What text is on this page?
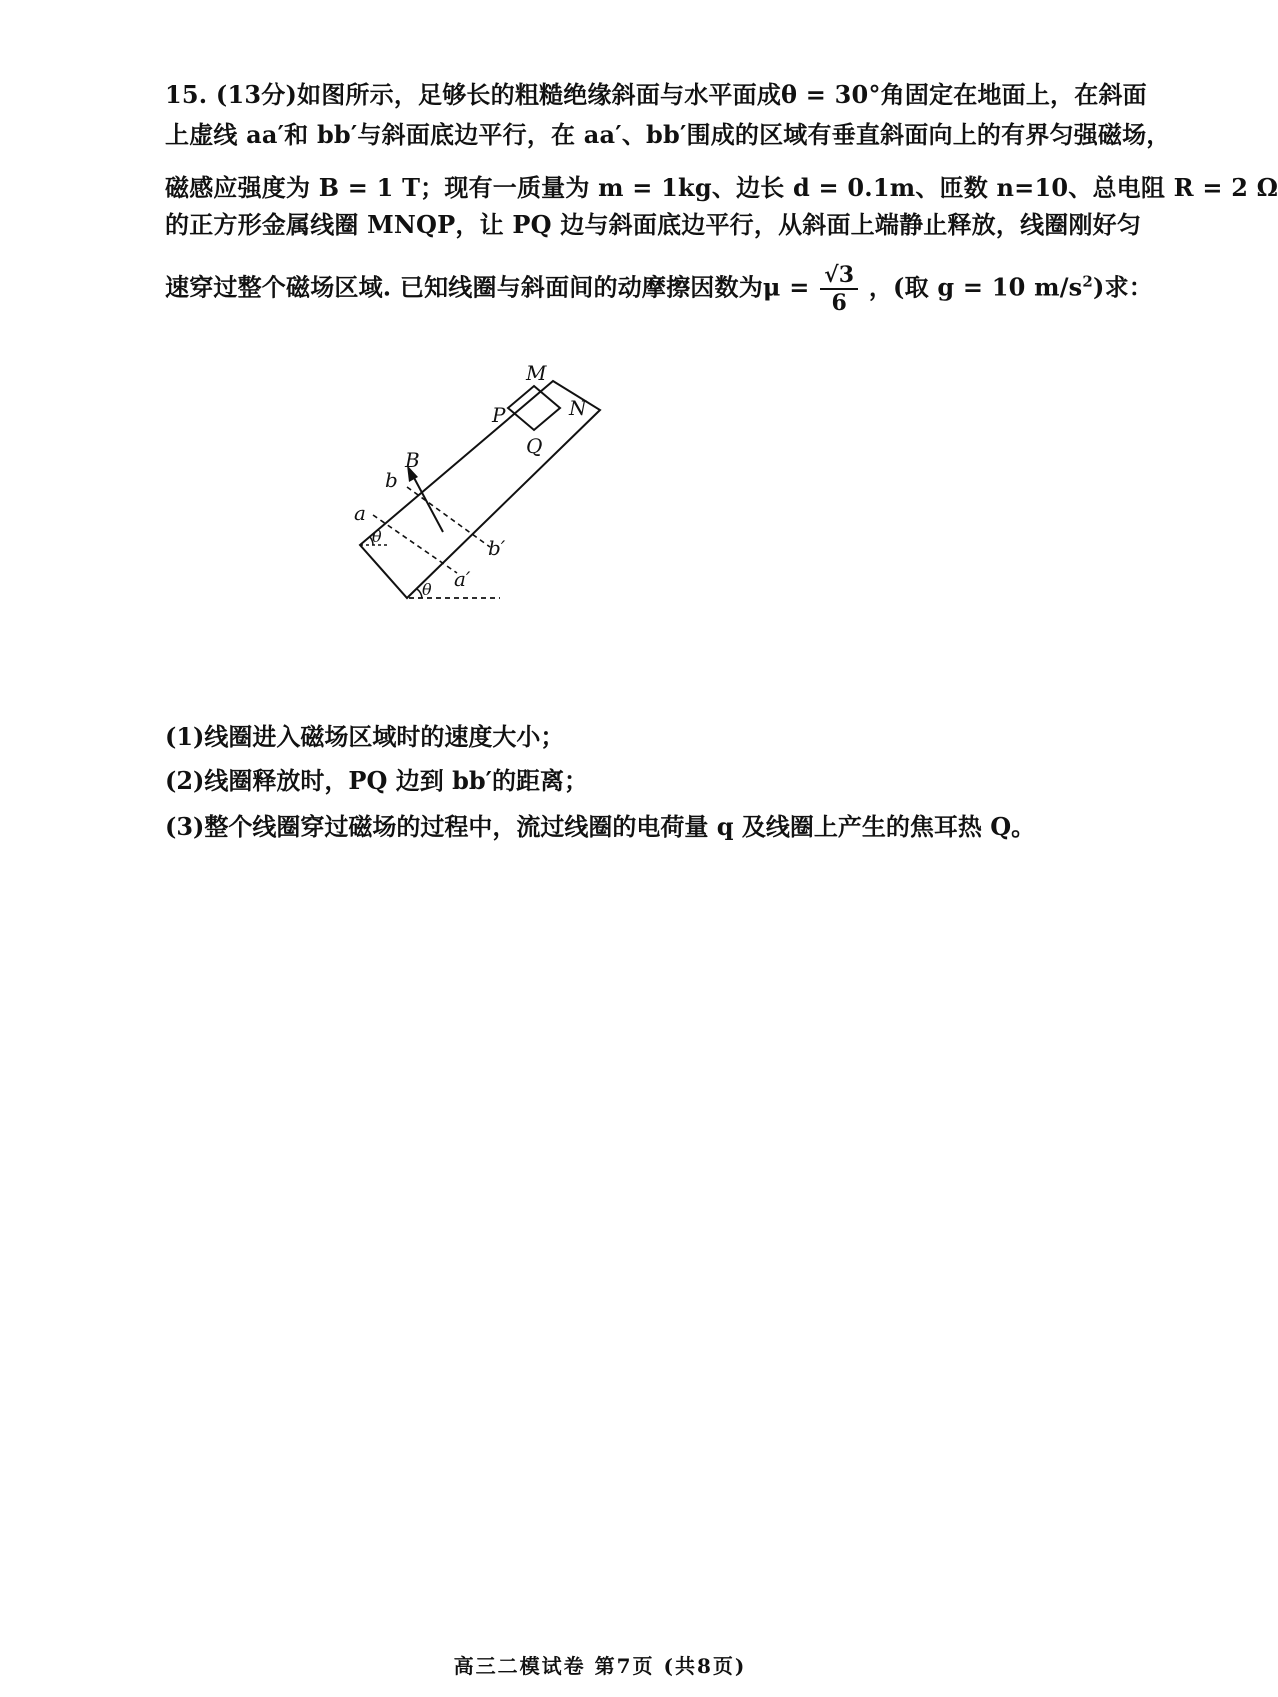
15. (13分)如图所示，足够长的粗糙绝缘斜面与水平面成θ = 30°角固定在地面上，在斜面
上虚线 aa′和 bb′与斜面底边平行，在 aa′、bb′围成的区域有垂直斜面向上的有界匀强磁场，
磁感应强度为 B = 1 T；现有一质量为 m = 1kg、边长 d = 0.1m、匝数 n=10、总电阻 R = 2 Ω
的正方形金属线圈 MNQP，让 PQ 边与斜面底边平行，从斜面上端静止释放，线圈刚好匀
速穿过整个磁场区域. 已知线圈与斜面间的动摩擦因数为$\mu = \frac{√3}{6}$ ，(取 g = 10 $m/s^2$)求：
M
N
P
Q
B
b
b′
a
a′
θ
θ
(1)线圈进入磁场区域时的速度大小；
(2)线圈释放时，PQ 边到 bb′的距离；
(3)整个线圈穿过磁场的过程中，流过线圈的电荷量 q 及线圈上产生的焦耳热 Q。
高三二模试卷 第7页 (共8页)
